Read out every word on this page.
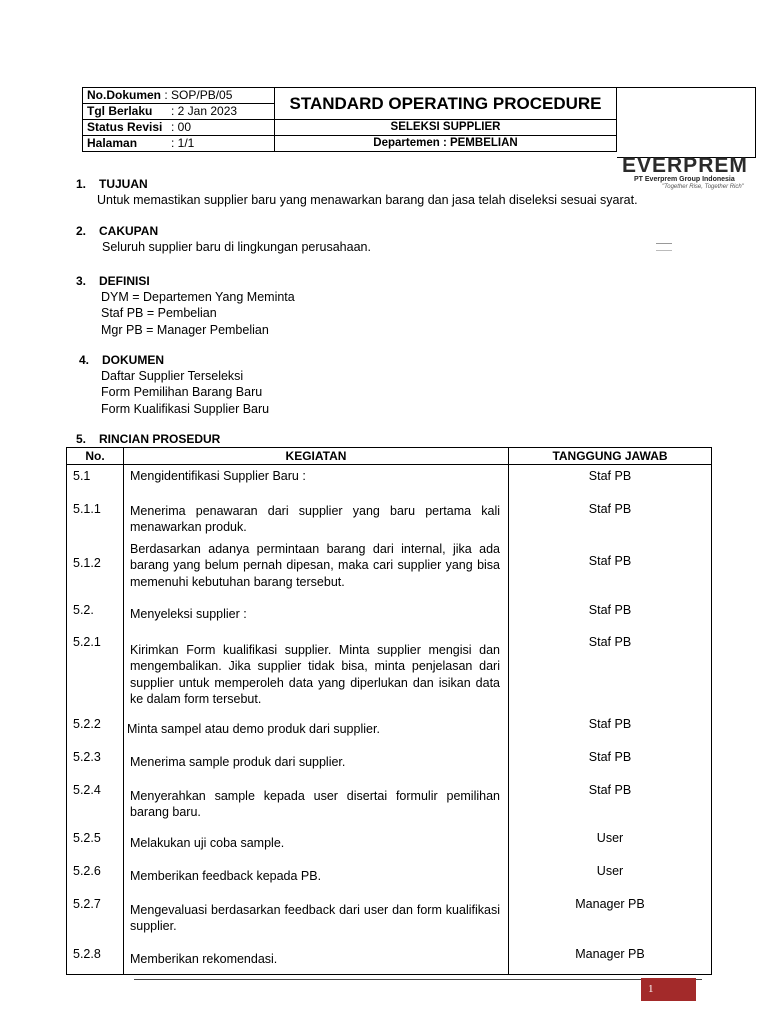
No.Dokumen : SOP/PB/05	STANDARD OPERATING PROCEDURE
Tgl Berlaku : 2 Jan 2023	
Status Revisi : 00	SELEKSI SUPPLIER
Halaman : 1/1	Departemen : PEMBELIAN
EVERPREM
PT Everprem Group Indonesia
"Together Rise, Together Rich"
1. TUJUAN
Untuk memastikan supplier baru yang menawarkan barang dan jasa telah diseleksi sesuai syarat.
2. CAKUPAN
Seluruh supplier baru di lingkungan perusahaan.
3. DEFINISI
DYM = Departemen Yang Meminta
Staf PB = Pembelian
Mgr PB = Manager Pembelian
4. DOKUMEN
Daftar Supplier Terseleksi
Form Pemilihan Barang Baru
Form Kualifikasi Supplier Baru
5. RINCIAN PROSEDUR
No.	KEGIATAN	TANGGUNG JAWAB
5.1	Mengidentifikasi Supplier Baru :	Staf PB
5.1.1	Menerima penawaran dari supplier yang baru pertama kali menawarkan produk.	Staf PB
5.1.2	Berdasarkan adanya permintaan barang dari internal, jika ada barang yang belum pernah dipesan, maka cari supplier yang bisa memenuhi kebutuhan barang tersebut.	Staf PB
5.2.	Menyeleksi supplier :	Staf PB
5.2.1	Kirimkan Form kualifikasi supplier. Minta supplier mengisi dan mengembalikan. Jika supplier tidak bisa, minta penjelasan dari supplier untuk memperoleh data yang diperlukan dan isikan data ke dalam form tersebut.	Staf PB
5.2.2	Minta sampel atau demo produk dari supplier.	Staf PB
5.2.3	Menerima sample produk dari supplier.	Staf PB
5.2.4	Menyerahkan sample kepada user disertai formulir pemilihan barang baru.	Staf PB
5.2.5	Melakukan uji coba sample.	User
5.2.6	Memberikan feedback kepada PB.	User
5.2.7	Mengevaluasi berdasarkan feedback dari user dan form kualifikasi supplier.	Manager PB
5.2.8	Memberikan rekomendasi.	Manager PB
1
